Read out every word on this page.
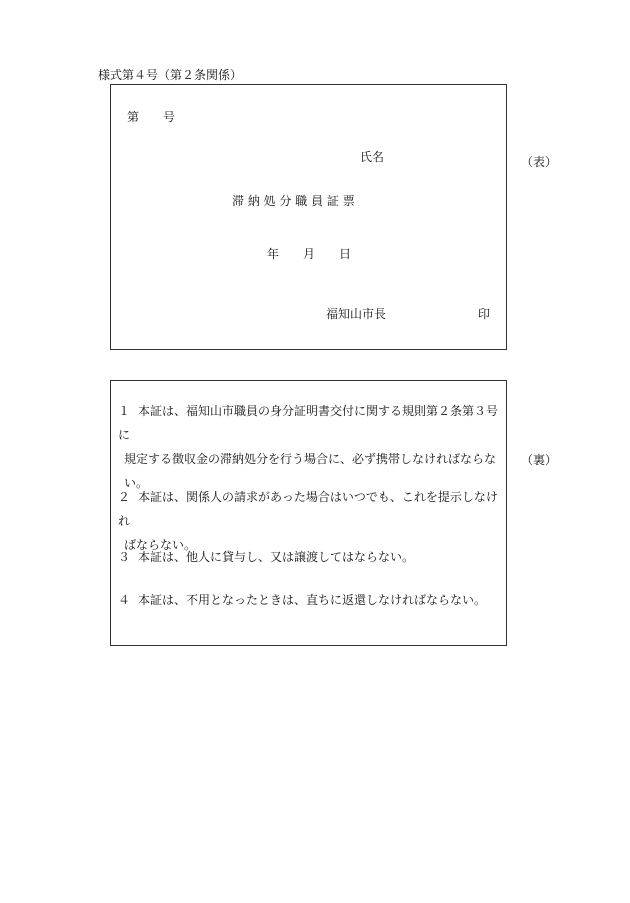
様式第４号（第２条関係）
第 号
氏名
滞 納 処 分 職 員 証 票
年 月 日
福知山市長	印
（表）
１ 本証は、福知山市職員の身分証明書交付に関する規則第２条第３号に
規定する徴収金の滞納処分を行う場合に、必ず携帯しなければならな
い。
２ 本証は、関係人の請求があった場合はいつでも、これを提示しなけれ
ばならない。
３ 本証は、他人に貸与し、又は譲渡してはならない。
４ 本証は、不用となったときは、直ちに返還しなければならない。
（裏）
